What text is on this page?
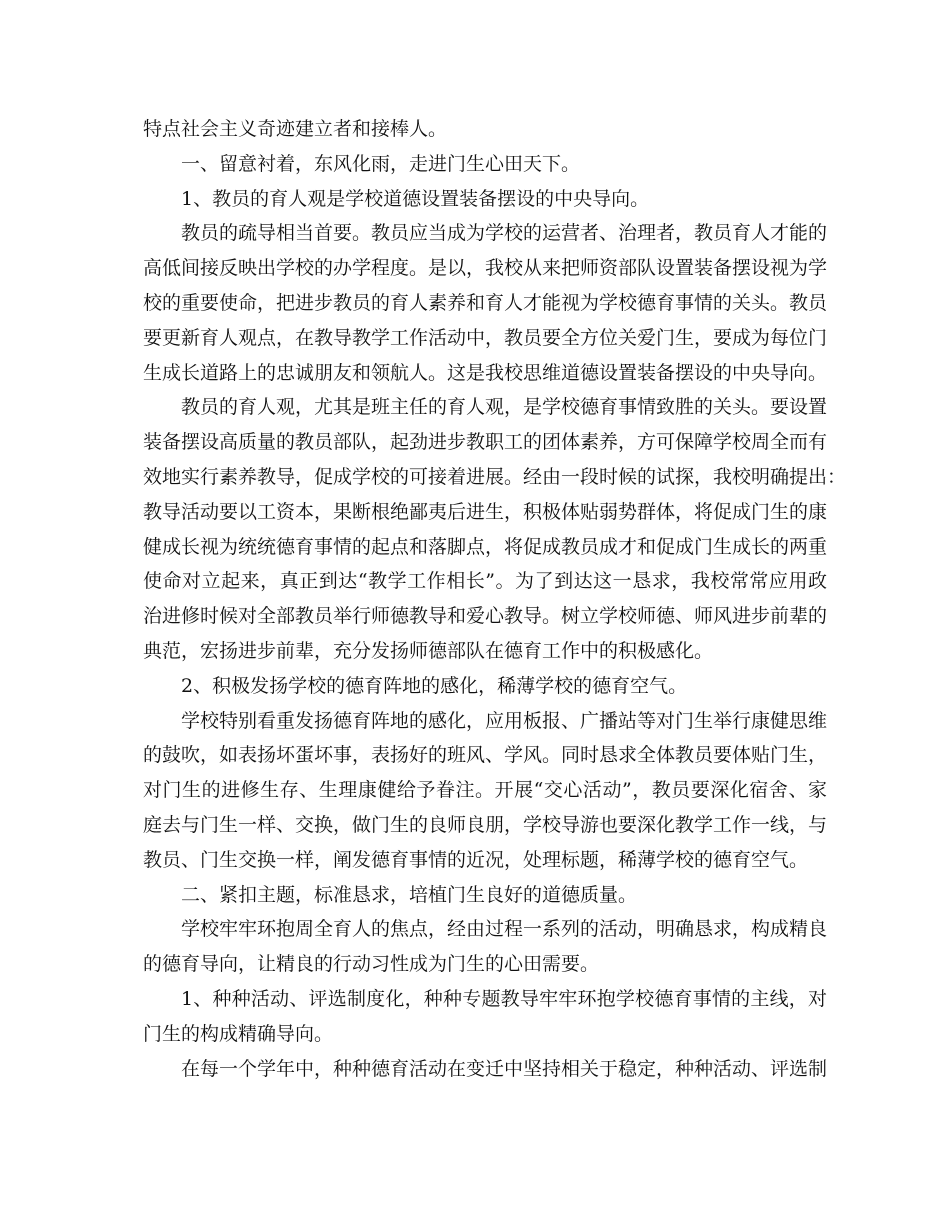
特点社会主义奇迹建立者和接棒人。
一、留意衬着，东风化雨，走进门生心田天下。
1、教员的育人观是学校道德设置装备摆设的中央导向。
教员的疏导相当首要。教员应当成为学校的运营者、治理者，教员育人才能的
高低间接反映出学校的办学程度。是以，我校从来把师资部队设置装备摆设视为学
校的重要使命，把进步教员的育人素养和育人才能视为学校德育事情的关头。教员
要更新育人观点，在教导教学工作活动中，教员要全方位关爱门生，要成为每位门
生成长道路上的忠诚朋友和领航人。这是我校思维道德设置装备摆设的中央导向。
教员的育人观，尤其是班主任的育人观，是学校德育事情致胜的关头。要设置
装备摆设高质量的教员部队，起劲进步教职工的团体素养，方可保障学校周全而有
效地实行素养教导，促成学校的可接着进展。经由一段时候的试探，我校明确提出：
教导活动要以工资本，果断根绝鄙夷后进生，积极体贴弱势群体，将促成门生的康
健成长视为统统德育事情的起点和落脚点，将促成教员成才和促成门生成长的两重
使命对立起来，真正到达“教学工作相长”。为了到达这一恳求，我校常常应用政
治进修时候对全部教员举行师德教导和爱心教导。树立学校师德、师风进步前辈的
典范，宏扬进步前辈，充分发扬师德部队在德育工作中的积极感化。
2、积极发扬学校的德育阵地的感化，稀薄学校的德育空气。
学校特别看重发扬德育阵地的感化，应用板报、广播站等对门生举行康健思维
的鼓吹，如表扬坏蛋坏事，表扬好的班风、学风。同时恳求全体教员要体贴门生，
对门生的进修生存、生理康健给予眷注。开展“交心活动”，教员要深化宿舍、家
庭去与门生一样、交换，做门生的良师良朋，学校导游也要深化教学工作一线，与
教员、门生交换一样，阐发德育事情的近况，处理标题，稀薄学校的德育空气。
二、紧扣主题，标准恳求，培植门生良好的道德质量。
学校牢牢环抱周全育人的焦点，经由过程一系列的活动，明确恳求，构成精良
的德育导向，让精良的行动习性成为门生的心田需要。
1、种种活动、评选制度化，种种专题教导牢牢环抱学校德育事情的主线，对
门生的构成精确导向。
在每一个学年中，种种德育活动在变迁中坚持相关于稳定，种种活动、评选制
